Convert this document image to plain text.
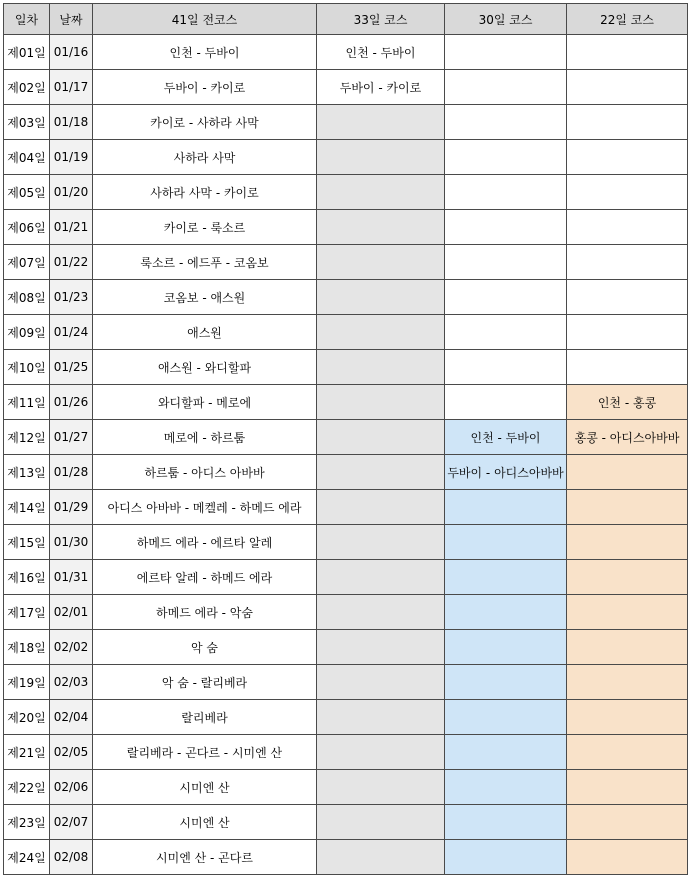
일차	날짜	41일 전코스	33일 코스	30일 코스	22일 코스
제01일	01/16	인천 - 두바이	인천 - 두바이		
제02일	01/17	두바이 - 카이로	두바이 - 카이로		
제03일	01/18	카이로 - 사하라 사막			
제04일	01/19	사하라 사막			
제05일	01/20	사하라 사막 - 카이로			
제06일	01/21	카이로 - 룩소르			
제07일	01/22	룩소르 - 에드푸 - 코옴보			
제08일	01/23	코옴보 - 애스원			
제09일	01/24	애스원			
제10일	01/25	애스원 - 와디할파			
제11일	01/26	와디할파 - 메로에			인천 - 홍콩
제12일	01/27	메로에 - 하르툼		인천 - 두바이	홍콩 - 아디스아바바
제13일	01/28	하르툼 - 아디스 아바바		두바이 - 아디스아바바	
제14일	01/29	아디스 아바바 - 메켈레 - 하메드 에라			
제15일	01/30	하메드 에라 - 에르타 알레			
제16일	01/31	에르타 알레 - 하메드 에라			
제17일	02/01	하메드 에라 - 악숨			
제18일	02/02	악 숨			
제19일	02/03	악 숨 - 랄리베라			
제20일	02/04	랄리베라			
제21일	02/05	랄리베라 - 곤다르 - 시미엔 산			
제22일	02/06	시미엔 산			
제23일	02/07	시미엔 산			
제24일	02/08	시미엔 산 - 곤다르			
